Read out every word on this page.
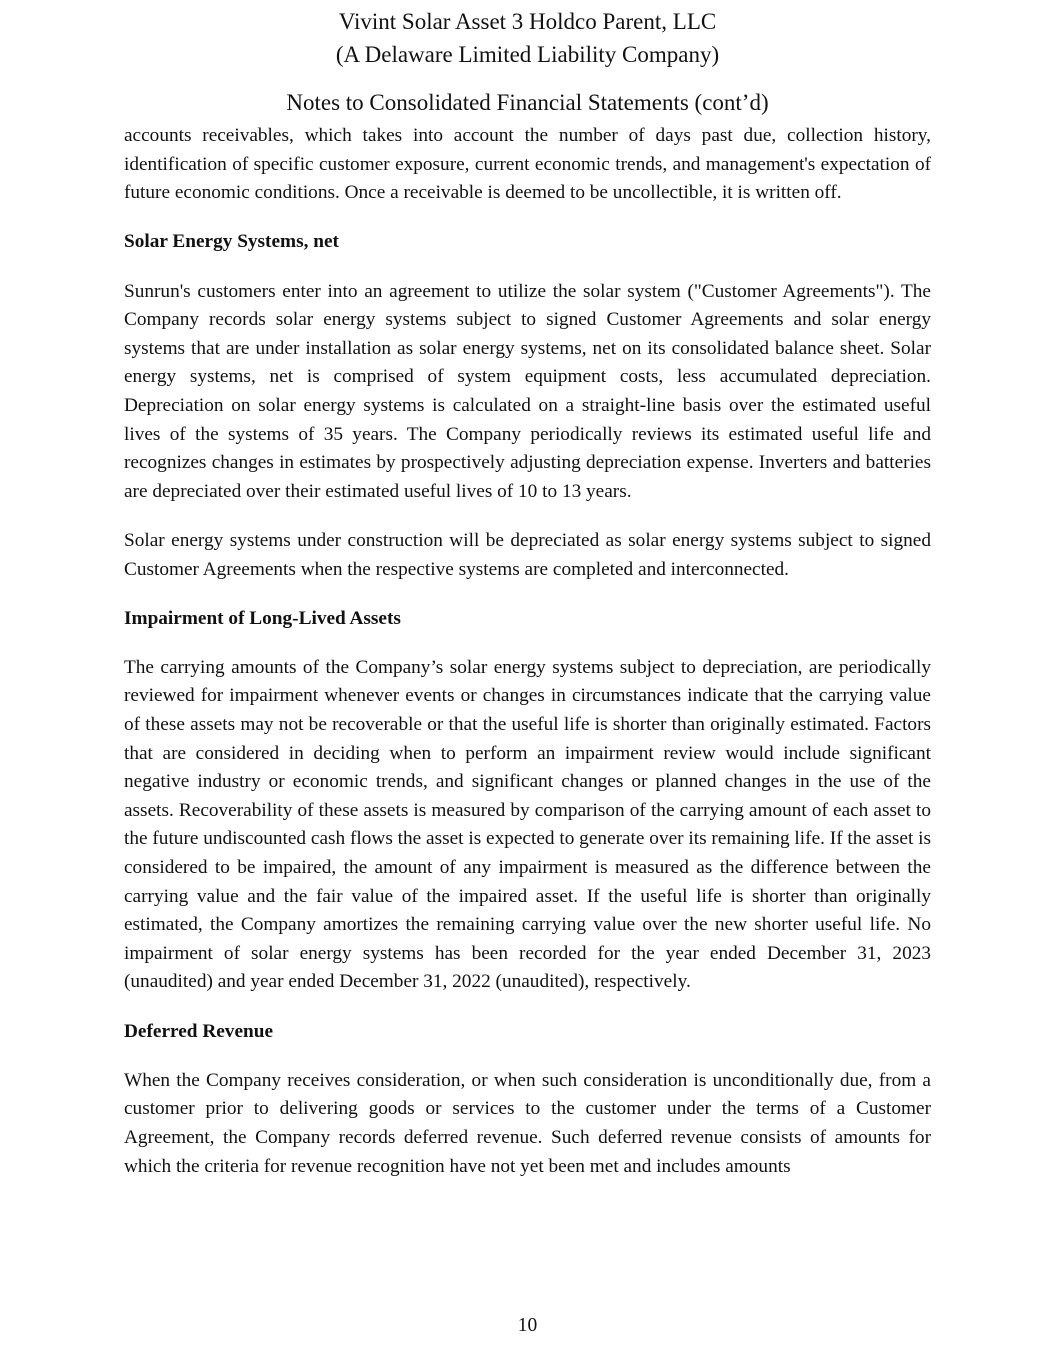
Vivint Solar Asset 3 Holdco Parent, LLC
(A Delaware Limited Liability Company)
Notes to Consolidated Financial Statements (cont’d)

accounts receivables, which takes into account the number of days past due, collection history, identification of specific customer exposure, current economic trends, and management's expectation of future economic conditions. Once a receivable is deemed to be uncollectible, it is written off.

Solar Energy Systems, net

Sunrun's customers enter into an agreement to utilize the solar system ("Customer Agreements"). The Company records solar energy systems subject to signed Customer Agreements and solar energy systems that are under installation as solar energy systems, net on its consolidated balance sheet. Solar energy systems, net is comprised of system equipment costs, less accumulated depreciation. Depreciation on solar energy systems is calculated on a straight-line basis over the estimated useful lives of the systems of 35 years. The Company periodically reviews its estimated useful life and recognizes changes in estimates by prospectively adjusting depreciation expense. Inverters and batteries are depreciated over their estimated useful lives of 10 to 13 years.

Solar energy systems under construction will be depreciated as solar energy systems subject to signed Customer Agreements when the respective systems are completed and interconnected.

Impairment of Long-Lived Assets

The carrying amounts of the Company’s solar energy systems subject to depreciation, are periodically reviewed for impairment whenever events or changes in circumstances indicate that the carrying value of these assets may not be recoverable or that the useful life is shorter than originally estimated. Factors that are considered in deciding when to perform an impairment review would include significant negative industry or economic trends, and significant changes or planned changes in the use of the assets. Recoverability of these assets is measured by comparison of the carrying amount of each asset to the future undiscounted cash flows the asset is expected to generate over its remaining life. If the asset is considered to be impaired, the amount of any impairment is measured as the difference between the carrying value and the fair value of the impaired asset. If the useful life is shorter than originally estimated, the Company amortizes the remaining carrying value over the new shorter useful life. No impairment of solar energy systems has been recorded for the year ended December 31, 2023 (unaudited) and year ended December 31, 2022 (unaudited), respectively.

Deferred Revenue

When the Company receives consideration, or when such consideration is unconditionally due, from a customer prior to delivering goods or services to the customer under the terms of a Customer Agreement, the Company records deferred revenue. Such deferred revenue consists of amounts for which the criteria for revenue recognition have not yet been met and includes amounts

10
